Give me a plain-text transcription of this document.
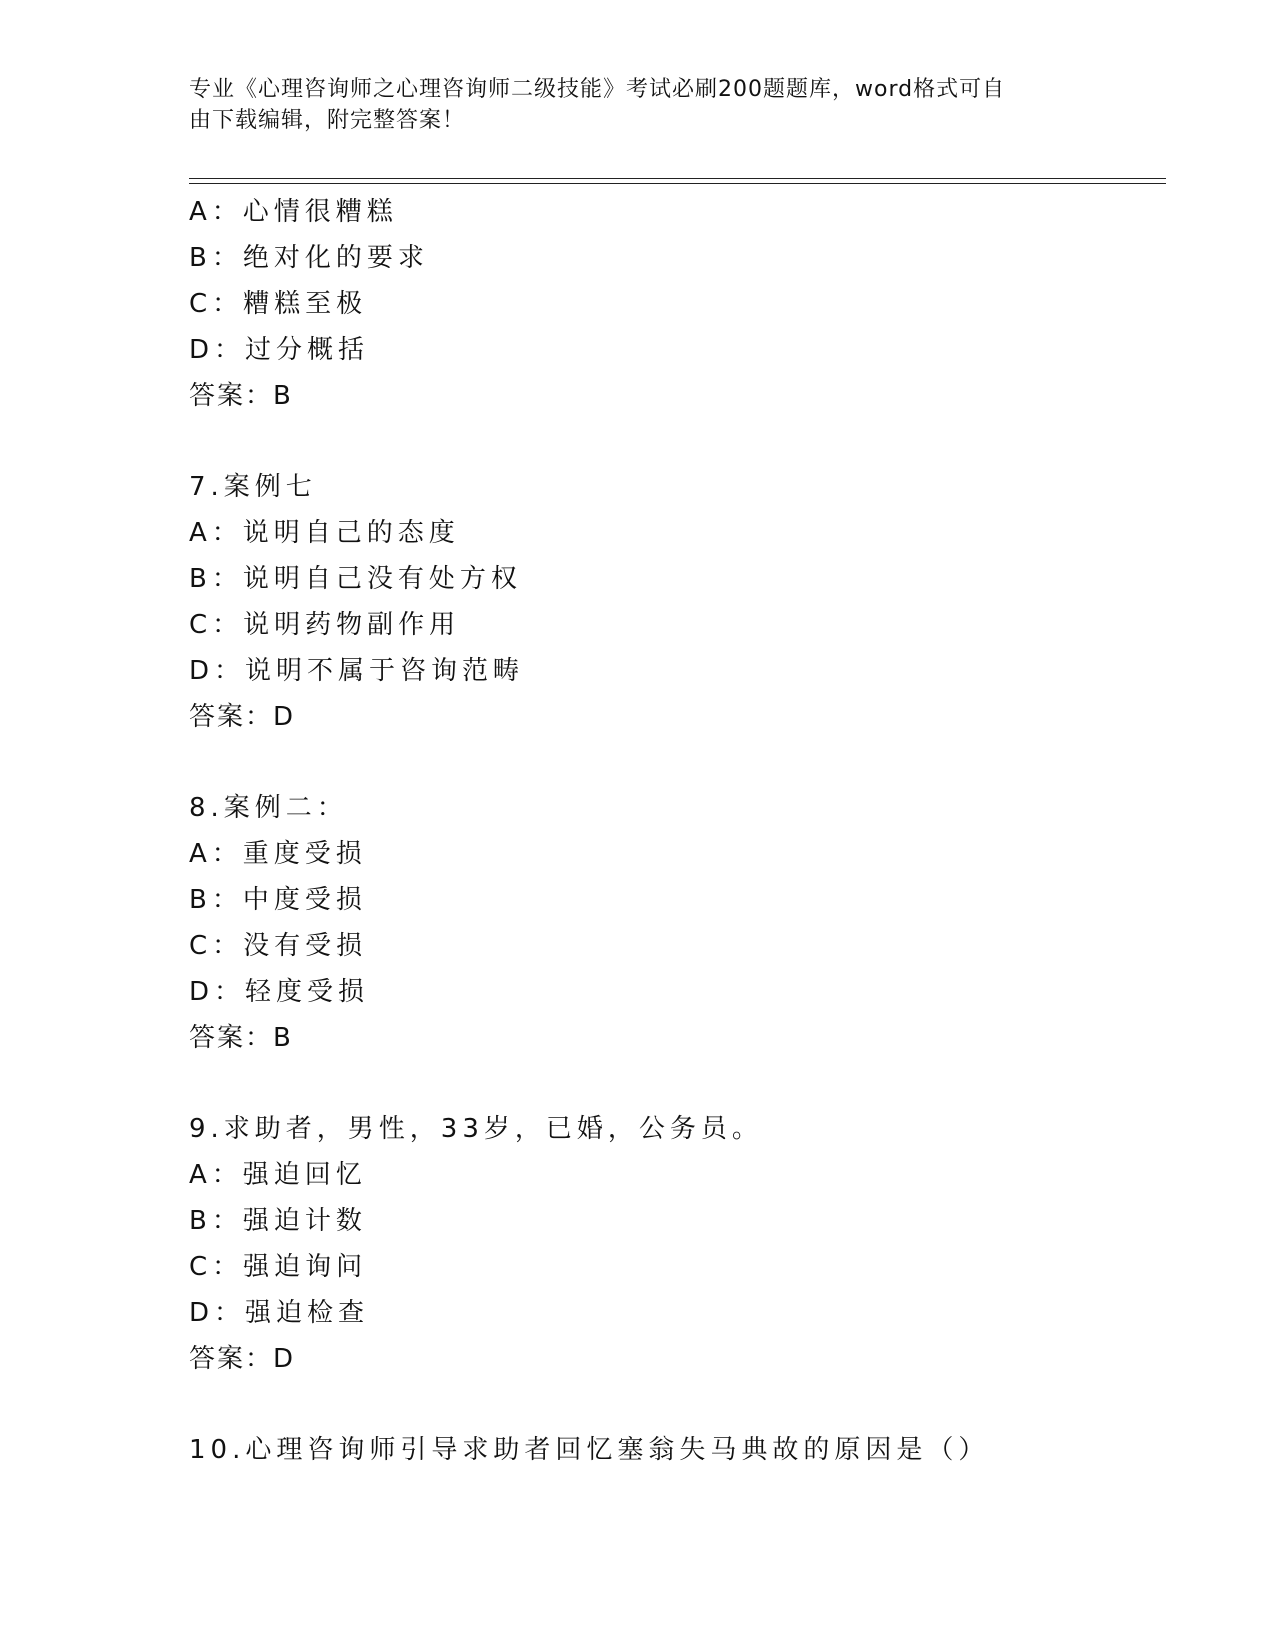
专业《心理咨询师之心理咨询师二级技能》考试必刷200题题库，word格式可自
由下载编辑，附完整答案！
A：心情很糟糕
B：绝对化的要求
C：糟糕至极
D：过分概括
答案：B
7.案例七
A：说明自己的态度
B：说明自己没有处方权
C：说明药物副作用
D：说明不属于咨询范畴
答案：D
8.案例二：
A：重度受损
B：中度受损
C：没有受损
D：轻度受损
答案：B
9.求助者，男性，33岁，已婚，公务员。
A：强迫回忆
B：强迫计数
C：强迫询问
D：强迫检查
答案：D
10.心理咨询师引导求助者回忆塞翁失马典故的原因是（）
